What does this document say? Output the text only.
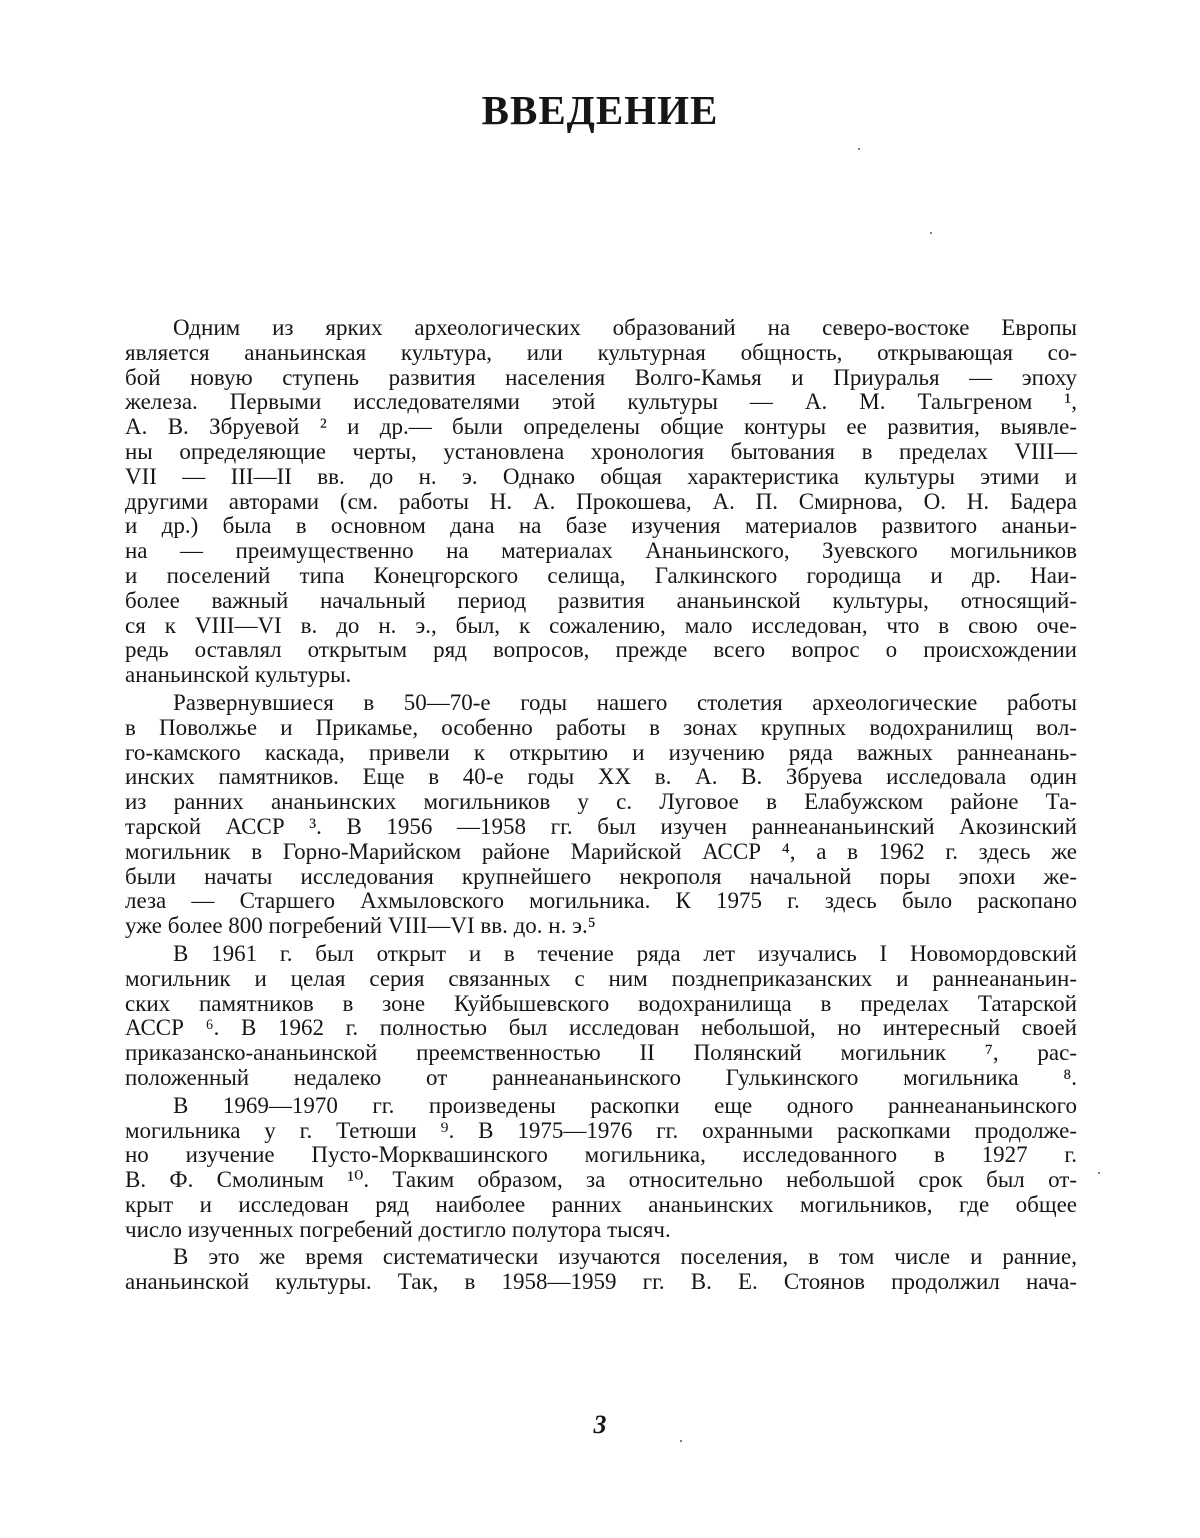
ВВЕДЕНИЕ
Одним из ярких археологических образований на северо-востоке Европы
является ананьинская культура, или культурная общность, открывающая со-
бой новую ступень развития населения Волго-Камья и Приуралья — эпоху
железа. Первыми исследователями этой культуры — А. М. Тальгреном ¹,
А. В. Збруевой ² и др.— были определены общие контуры ее развития, выявле-
ны определяющие черты, установлена хронология бытования в пределах VIII—
VII — III—II вв. до н. э. Однако общая характеристика культуры этими и
другими авторами (см. работы Н. А. Прокошева, А. П. Смирнова, О. Н. Бадера
и др.) была в основном дана на базе изучения материалов развитого ананьи-
на — преимущественно на материалах Ананьинского, Зуевского могильников
и поселений типа Конецгорского селища, Галкинского городища и др. Наи-
более важный начальный период развития ананьинской культуры, относящий-
ся к VIII—VI в. до н. э., был, к сожалению, мало исследован, что в свою оче-
редь оставлял открытым ряд вопросов, прежде всего вопрос о происхождении
ананьинской культуры.
Развернувшиеся в 50—70-е годы нашего столетия археологические работы
в Поволжье и Прикамье, особенно работы в зонах крупных водохранилищ вол-
го-камского каскада, привели к открытию и изучению ряда важных раннеанань-
инских памятников. Еще в 40-е годы XX в. А. В. Збруева исследовала один
из ранних ананьинских могильников у с. Луговое в Елабужском районе Та-
тарской АССР ³. В 1956 —1958 гг. был изучен раннеананьинский Акозинский
могильник в Горно-Марийском районе Марийской АССР ⁴, а в 1962 г. здесь же
были начаты исследования крупнейшего некрополя начальной поры эпохи же-
леза — Старшего Ахмыловского могильника. К 1975 г. здесь было раскопано
уже более 800 погребений VIII—VI вв. до. н. э.⁵
В 1961 г. был открыт и в течение ряда лет изучались I Новомордовский
могильник и целая серия связанных с ним позднеприказанских и раннеананьин-
ских памятников в зоне Куйбышевского водохранилища в пределах Татарской
АССР ⁶. В 1962 г. полностью был исследован небольшой, но интересный своей
приказанско-ананьинской преемственностью II Полянский могильник ⁷, рас-
положенный недалеко от раннеананьинского Гулькинского могильника ⁸.
В 1969—1970 гг. произведены раскопки еще одного раннеананьинского
могильника у г. Тетюши ⁹. В 1975—1976 гг. охранными раскопками продолже-
но изучение Пусто-Морквашинского могильника, исследованного в 1927 г.
В. Ф. Смолиным ¹⁰. Таким образом, за относительно небольшой срок был от-
крыт и исследован ряд наиболее ранних ананьинских могильников, где общее
число изученных погребений достигло полутора тысяч.
В это же время систематически изучаются поселения, в том числе и ранние,
ананьинской культуры. Так, в 1958—1959 гг. В. Е. Стоянов продолжил нача-
3
